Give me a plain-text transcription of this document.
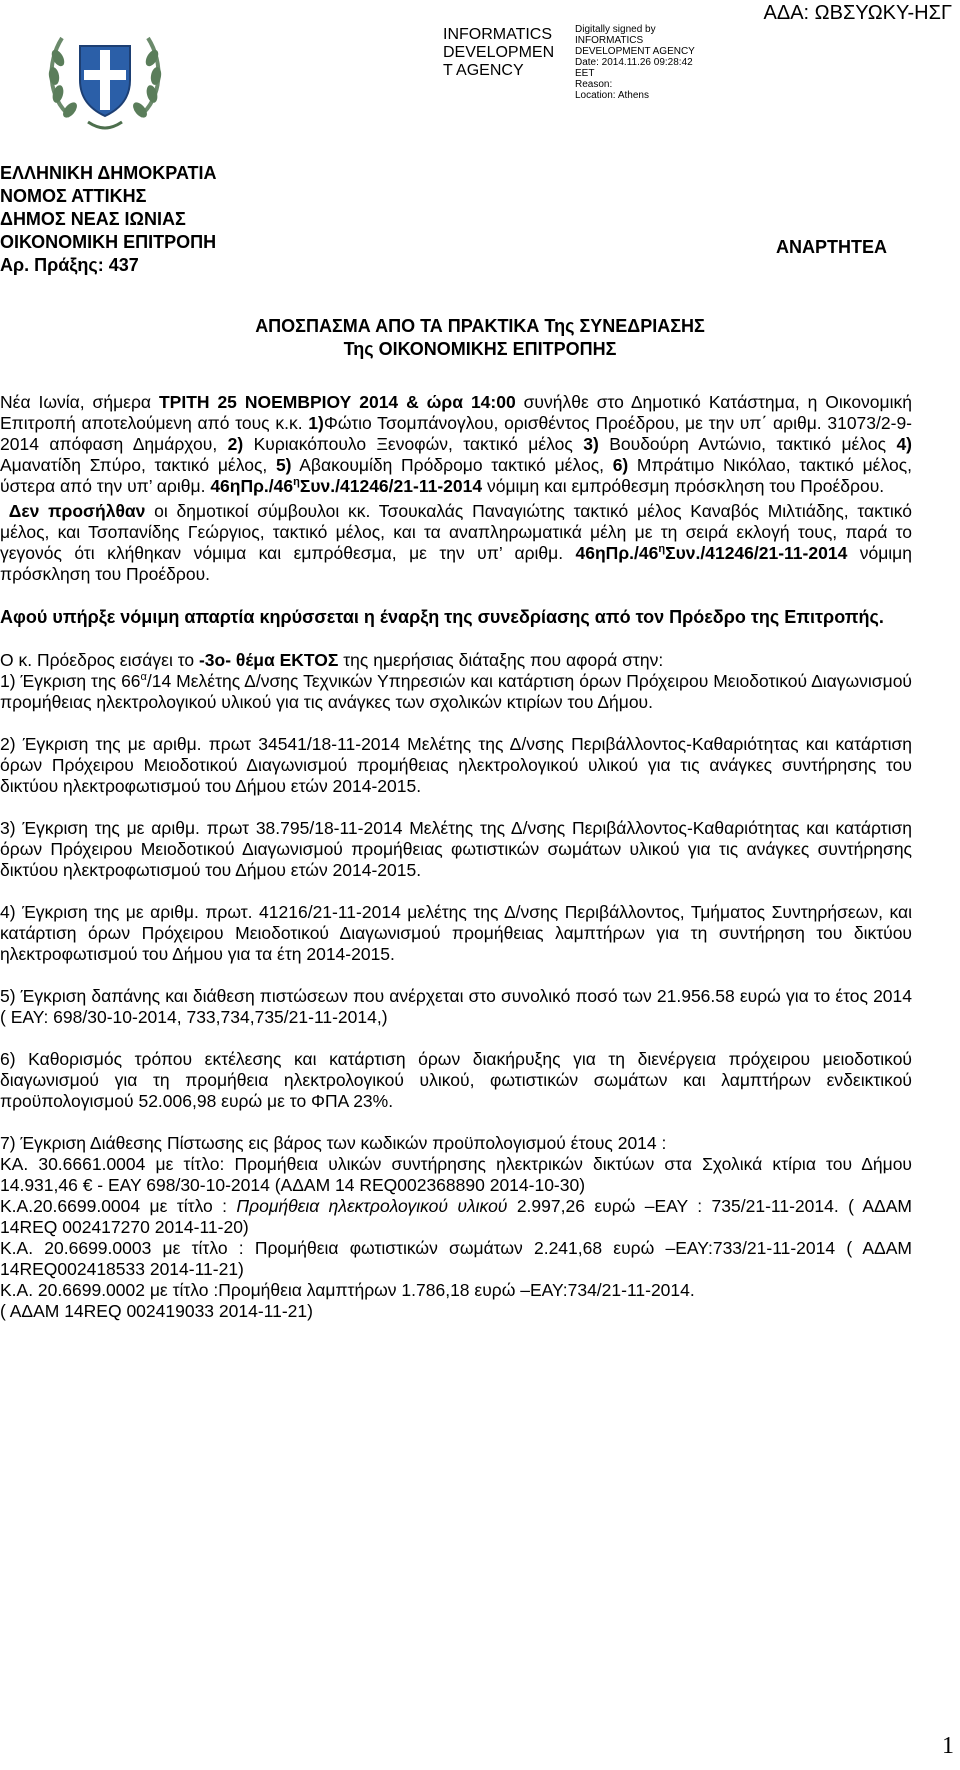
INFORMATICS
DEVELOPMEN
T AGENCY
Digitally signed by
INFORMATICS
DEVELOPMENT AGENCY
Date: 2014.11.26 09:28:42
EET
Reason:
Location: Athens
ΑΔΑ: ΩΒΣΥΩΚΥ-ΗΣΓ
ΕΛΛΗΝΙΚΗ ΔΗΜΟΚΡΑΤΙΑ
ΝΟΜΟΣ ΑΤΤΙΚΗΣ
ΔΗΜΟΣ ΝΕΑΣ ΙΩΝΙΑΣ
ΟΙΚΟΝΟΜΙΚΗ ΕΠΙΤΡΟΠΗ
Αρ. Πράξης: 437
ΑΝΑΡΤΗΤΕΑ
ΑΠΟΣΠΑΣΜΑ ΑΠΟ ΤΑ ΠΡΑΚΤΙΚΑ Της ΣΥΝΕΔΡΙΑΣΗΣ
Της ΟΙΚΟΝΟΜΙΚΗΣ ΕΠΙΤΡΟΠΗΣ

Νέα Ιωνία, σήμερα ΤΡΙΤΗ 25 ΝΟΕΜΒΡΙΟΥ 2014 & ώρα 14:00 συνήλθε στο Δημοτικό Κατάστημα, η Οικονομική Επιτροπή αποτελούμενη από τους κ.κ. 1)Φώτιο Τσομπάνογλου, ορισθέντος Προέδρου, με την υπ΄ αριθμ. 31073/2-9-2014 απόφαση Δημάρχου, 2) Κυριακόπουλο Ξενοφών, τακτικό μέλος 3) Βουδούρη Αντώνιο, τακτικό μέλος 4) Αμανατίδη Σπύρο, τακτικό μέλος, 5) Αβακουμίδη Πρόδρομο τακτικό μέλος, 6) Μπράτιμο Νικόλαο, τακτικό μέλος, ύστερα από την υπ’ αριθμ. $46\eta\Pi\rho./46^\eta\Sigma\upsilon\nu./41246/21-11-2014$ νόμιμη και εμπρόθεσμη πρόσκληση του Προέδρου.

Δεν προσήλθαν οι δημοτικοί σύμβουλοι κκ. Τσουκαλάς Παναγιώτης τακτικό μέλος Καναβός Μιλτιάδης, τακτικό μέλος, και Τσοπανίδης Γεώργιος, τακτικό μέλος, και τα αναπληρωματικά μέλη με τη σειρά εκλογή τους, παρά το γεγονός ότι κλήθηκαν νόμιμα και εμπρόθεσμα, με την υπ’ αριθμ. $46\eta\Pi\rho./46^\eta\Sigma\upsilon\nu./41246/21-11-2014$ νόμιμη πρόσκληση του Προέδρου.

Αφού υπήρξε νόμιμη απαρτία κηρύσσεται η έναρξη της συνεδρίασης από τον Πρόεδρο της Επιτροπής.

Ο κ. Πρόεδρος εισάγει το -3ο- θέμα ΕΚΤΟΣ της ημερήσιας διάταξης που αφορά στην:

1) Έγκριση της $66^\alpha/14$ Μελέτης Δ/νσης Τεχνικών Υπηρεσιών και κατάρτιση όρων Πρόχειρου Μειοδοτικού Διαγωνισμού προμήθειας ηλεκτρολογικού υλικού για τις ανάγκες των σχολικών κτιρίων του Δήμου.

2) Έγκριση της με αριθμ. πρωτ 34541/18-11-2014 Μελέτης της Δ/νσης Περιβάλλοντος-Καθαριότητας και κατάρτιση όρων Πρόχειρου Μειοδοτικού Διαγωνισμού προμήθειας ηλεκτρολογικού υλικού για τις ανάγκες συντήρησης του δικτύου ηλεκτροφωτισμού του Δήμου ετών 2014-2015.

3) Έγκριση της με αριθμ. πρωτ 38.795/18-11-2014 Μελέτης της Δ/νσης Περιβάλλοντος-Καθαριότητας και κατάρτιση όρων Πρόχειρου Μειοδοτικού Διαγωνισμού προμήθειας φωτιστικών σωμάτων υλικού για τις ανάγκες συντήρησης δικτύου ηλεκτροφωτισμού του Δήμου ετών 2014-2015.

4) Έγκριση της με αριθμ. πρωτ. 41216/21-11-2014 μελέτης της Δ/νσης Περιβάλλοντος, Τμήματος Συντηρήσεων, και κατάρτιση όρων Πρόχειρου Μειοδοτικού Διαγωνισμού προμήθειας λαμπτήρων για τη συντήρηση του δικτύου ηλεκτροφωτισμού του Δήμου για τα έτη 2014-2015.

5) Έγκριση δαπάνης και διάθεση πιστώσεων που ανέρχεται στο συνολικό ποσό των 21.956.58 ευρώ για το έτος 2014 ( ΕΑΥ: 698/30-10-2014, 733,734,735/21-11-2014,)

6) Καθορισμός τρόπου εκτέλεσης και κατάρτιση όρων διακήρυξης για τη διενέργεια πρόχειρου μειοδοτικού διαγωνισμού για τη προμήθεια ηλεκτρολογικού υλικού, φωτιστικών σωμάτων και λαμπτήρων ενδεικτικού προϋπολογισμού 52.006,98 ευρώ με το ΦΠΑ 23%.

7) Έγκριση Διάθεσης Πίστωσης εις βάρος των κωδικών προϋπολογισμού έτους 2014 :

ΚΑ. 30.6661.0004 με τίτλο: Προμήθεια υλικών συντήρησης ηλεκτρικών δικτύων στα Σχολικά κτίρια του Δήμου 14.931,46 € - ΕΑΥ 698/30-10-2014 (ΑΔΑΜ 14 REQ002368890 2014-10-30)

Κ.Α.20.6699.0004 με τίτλο : Προμήθεια ηλεκτρολογικού υλικού 2.997,26 ευρώ –ΕΑΥ : 735/21-11-2014. ( ΑΔΑΜ 14REQ 002417270 2014-11-20)

Κ.Α. 20.6699.0003 με τίτλο : Προμήθεια φωτιστικών σωμάτων 2.241,68 ευρώ –ΕΑΥ:733/21-11-2014 ( ΑΔΑΜ 14REQ002418533 2014-11-21)

Κ.Α. 20.6699.0002 με τίτλο :Προμήθεια λαμπτήρων 1.786,18 ευρώ –ΕΑΥ:734/21-11-2014.

( ΑΔΑΜ 14REQ 002419033 2014-11-21)

1
